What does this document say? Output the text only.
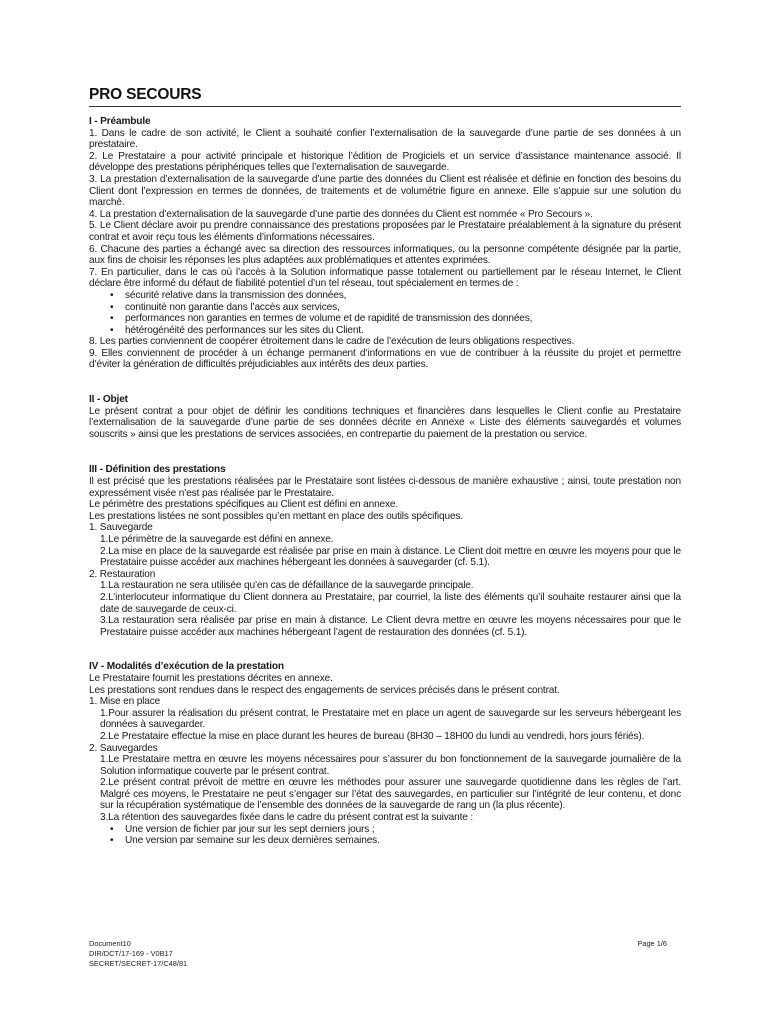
PRO SECOURS

I - Préambule

1. Dans le cadre de son activité, le Client a souhaité confier l’externalisation de la sauvegarde d’une partie de ses données à un prestataire.

2. Le Prestataire a pour activité principale et historique l’édition de Progiciels et un service d’assistance maintenance associé. Il développe des prestations périphériques telles que l’externalisation de sauvegarde.

3. La prestation d’externalisation de la sauvegarde d’une partie des données du Client est réalisée et définie en fonction des besoins du Client dont l’expression en termes de données, de traitements et de volumétrie figure en annexe. Elle s’appuie sur une solution du marché.

4. La prestation d’externalisation de la sauvegarde d’une partie des données du Client est nommée « Pro Secours ».

5. Le Client déclare avoir pu prendre connaissance des prestations proposées par le Prestataire préalablement à la signature du présent contrat et avoir reçu tous les éléments d’informations nécessaires.

6. Chacune des parties a échangé avec sa direction des ressources informatiques, ou la personne compétente désignée par la partie, aux fins de choisir les réponses les plus adaptées aux problématiques et attentes exprimées.

7. En particulier, dans le cas où l’accès à la Solution informatique passe totalement ou partiellement par le réseau Internet, le Client déclare être informé du défaut de fiabilité potentiel d’un tel réseau, tout spécialement en termes de :

• sécurité relative dans la transmission des données,

• continuité non garantie dans l’accès aux services,

• performances non garanties en termes de volume et de rapidité de transmission des données,

• hétérogénéité des performances sur les sites du Client.

8. Les parties conviennent de coopérer étroitement dans le cadre de l’exécution de leurs obligations respectives.

9. Elles conviennent de procéder à un échange permanent d’informations en vue de contribuer à la réussite du projet et permettre d’éviter la génération de difficultés préjudiciables aux intérêts des deux parties.

II - Objet

Le présent contrat a pour objet de définir les conditions techniques et financières dans lesquelles le Client confie au Prestataire l’externalisation de la sauvegarde d’une partie de ses données décrite en Annexe « Liste des éléments sauvegardés et volumes souscrits » ainsi que les prestations de services associées, en contrepartie du paiement de la prestation ou service.

III - Définition des prestations

Il est précisé que les prestations réalisées par le Prestataire sont listées ci-dessous de manière exhaustive ; ainsi, toute prestation non expressément visée n’est pas réalisée par le Prestataire.

Le périmètre des prestations spécifiques au Client est défini en annexe.

Les prestations listées ne sont possibles qu’en mettant en place des outils spécifiques.

1. Sauvegarde

1.Le périmètre de la sauvegarde est défini en annexe.

2.La mise en place de la sauvegarde est réalisée par prise en main à distance. Le Client doit mettre en œuvre les moyens pour que le Prestataire puisse accéder aux machines hébergeant les données à sauvegarder (cf. 5.1).

2. Restauration

1.La restauration ne sera utilisée qu’en cas de défaillance de la sauvegarde principale.

2.L’interlocuteur informatique du Client donnera au Prestataire, par courriel, la liste des éléments qu’il souhaite restaurer ainsi que la date de sauvegarde de ceux-ci.

3.La restauration sera réalisée par prise en main à distance. Le Client devra mettre en œuvre les moyens nécessaires pour que le Prestataire puisse accéder aux machines hébergeant l’agent de restauration des données (cf. 5.1).

IV - Modalités d’exécution de la prestation

Le Prestataire fournit les prestations décrites en annexe.

Les prestations sont rendues dans le respect des engagements de services précisés dans le présent contrat.

1. Mise en place

1.Pour assurer la réalisation du présent contrat, le Prestataire met en place un agent de sauvegarde sur les serveurs hébergeant les données à sauvegarder.

2.Le Prestataire effectue la mise en place durant les heures de bureau (8H30 – 18H00 du lundi au vendredi, hors jours fériés).

2. Sauvegardes

1.Le Prestataire mettra en œuvre les moyens nécessaires pour s’assurer du bon fonctionnement de la sauvegarde journalière de la Solution informatique couverte par le présent contrat.

2.Le présent contrat prévoit de mettre en œuvre les méthodes pour assurer une sauvegarde quotidienne dans les règles de l’art. Malgré ces moyens, le Prestataire ne peut s’engager sur l’état des sauvegardes, en particulier sur l’intégrité de leur contenu, et donc sur la récupération systématique de l’ensemble des données de la sauvegarde de rang un (la plus récente).

3.La rétention des sauvegardes fixée dans le cadre du présent contrat est la suivante :

• Une version de fichier par jour sur les sept derniers jours ;

• Une version par semaine sur les deux dernières semaines.

Document10
DIR/DCT/17-169 - V0B17
SECRET/SECRET-17/C48/81
Page 1/6
